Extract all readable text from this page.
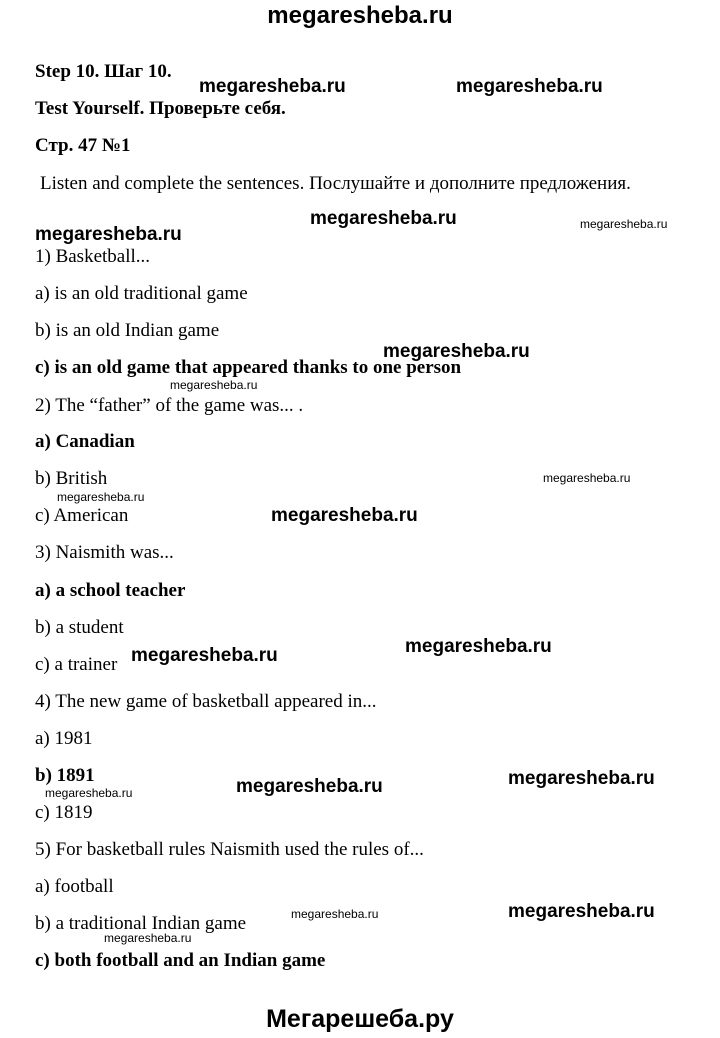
megaresheba.ru
Step 10. Шаг 10.
Test Yourself. Проверьте себя.
Стр. 47 №1
Listen and complete the sentences. Послушайте и дополните предложения.
1) Basketball...
a) is an old traditional game
b) is an old Indian game
c) is an old game that appeared thanks to one person
2) The “father” of the game was... .
a) Canadian
b) British
c) American
3) Naismith was...
a) a school teacher
b) a student
c) a trainer
4) The new game of basketball appeared in...
a) 1981
b) 1891
c) 1819
5) For basketball rules Naismith used the rules of...
a) football
b) a traditional Indian game
c) both football and an Indian game
megaresheba.ru	megaresheba.ru
megaresheba.ru	megaresheba.ru
megaresheba.ru
megaresheba.ru
megaresheba.ru
megaresheba.ru
megaresheba.ru
megaresheba.ru
megaresheba.ru
megaresheba.ru
megaresheba.ru
megaresheba.ru
megaresheba.ru
megaresheba.ru
megaresheba.ru
megaresheba.ru
Мегарешеба.ру
